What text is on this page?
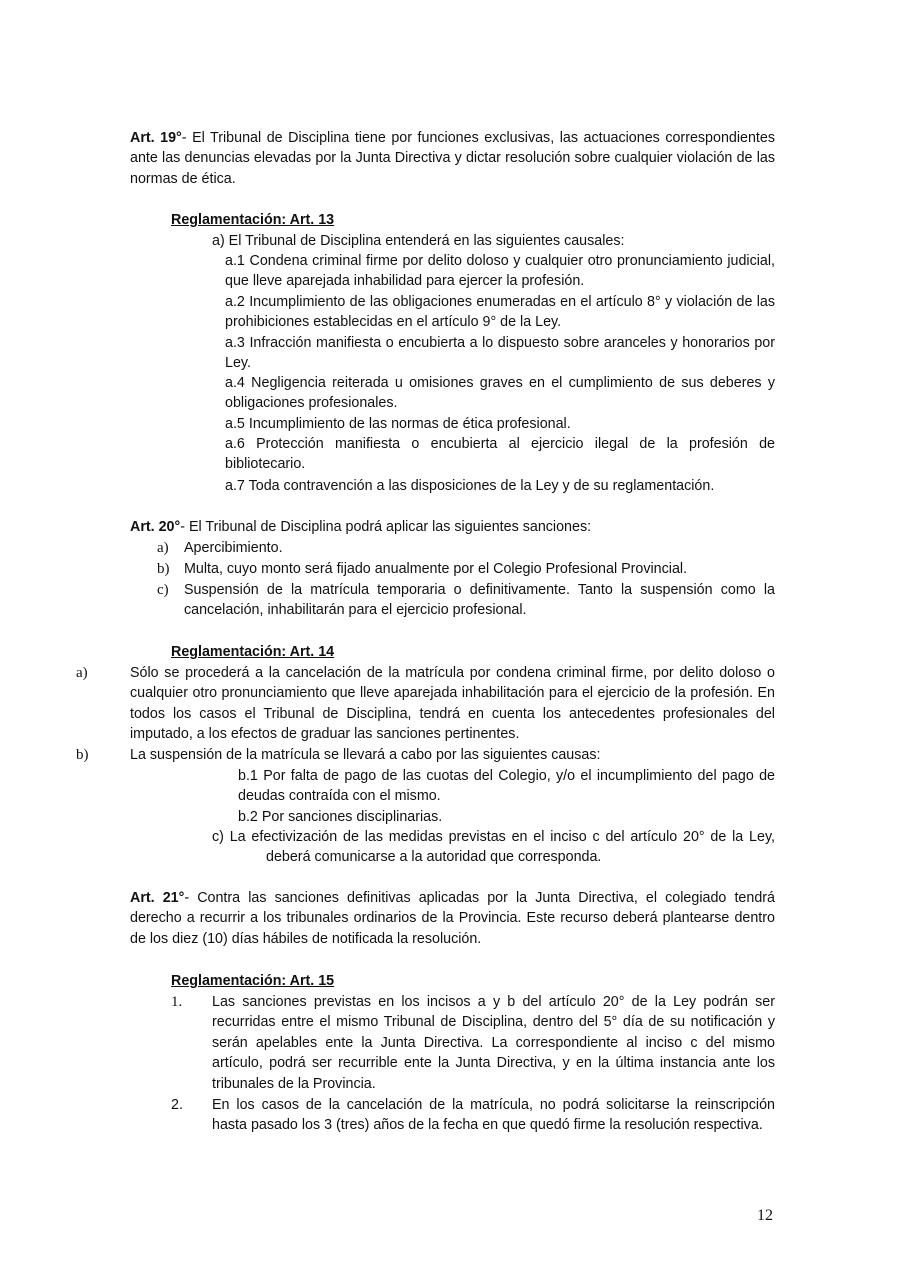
Art. 19°- El Tribunal de Disciplina tiene por funciones exclusivas, las actuaciones correspondientes ante las denuncias elevadas por la Junta Directiva y dictar resolución sobre cualquier violación de las normas de ética.

Reglamentación: Art. 13
a) El Tribunal de Disciplina entenderá en las siguientes causales:

a.1 Condena criminal firme por delito doloso y cualquier otro pronunciamiento judicial, que lleve aparejada inhabilidad para ejercer la profesión.

a.2 Incumplimiento de las obligaciones enumeradas en el artículo 8° y violación de las prohibiciones establecidas en el artículo 9° de la Ley.

a.3 Infracción manifiesta o encubierta a lo dispuesto sobre aranceles y honorarios por Ley.

a.4 Negligencia reiterada u omisiones graves en el cumplimiento de sus deberes y obligaciones profesionales.

a.5 Incumplimiento de las normas de ética profesional.

a.6 Protección manifiesta o encubierta al ejercicio ilegal de la profesión de bibliotecario.

a.7 Toda contravención a las disposiciones de la Ley y de su reglamentación.

Art. 20°- El Tribunal de Disciplina podrá aplicar las siguientes sanciones:

a) Apercibimiento.

b) Multa, cuyo monto será fijado anualmente por el Colegio Profesional Provincial.

c) Suspensión de la matrícula temporaria o definitivamente. Tanto la suspensión como la cancelación, inhabilitarán para el ejercicio profesional.

Reglamentación: Art. 14
a)	Sólo se procederá a la cancelación de la matrícula por condena criminal firme, por delito doloso o cualquier otro pronunciamiento que lleve aparejada inhabilitación para el ejercicio de la profesión. En todos los casos el Tribunal de Disciplina, tendrá en cuenta los antecedentes profesionales del imputado, a los efectos de graduar las sanciones pertinentes.

b)	La suspensión de la matrícula se llevará a cabo por las siguientes causas:

b.1 Por falta de pago de las cuotas del Colegio, y/o el incumplimiento del pago de deudas contraída con el mismo.

b.2 Por sanciones disciplinarias.

c) La efectivización de las medidas previstas en el inciso c del artículo 20° de la Ley,
deberá comunicarse a la autoridad que corresponda.

Art. 21°- Contra las sanciones definitivas aplicadas por la Junta Directiva, el colegiado tendrá derecho a recurrir a los tribunales ordinarios de la Provincia. Este recurso deberá plantearse dentro de los diez (10) días hábiles de notificada la resolución.

Reglamentación: Art. 15
1. Las sanciones previstas en los incisos a y b del artículo 20° de la Ley podrán ser recurridas entre el mismo Tribunal de Disciplina, dentro del 5° día de su notificación y serán apelables ente la Junta Directiva. La correspondiente al inciso c del mismo artículo, podrá ser recurrible ente la Junta Directiva, y en la última instancia ante los tribunales de la Provincia.

2. En los casos de la cancelación de la matrícula, no podrá solicitarse la reinscripción hasta pasado los 3 (tres) años de la fecha en que quedó firme la resolución respectiva.

12
